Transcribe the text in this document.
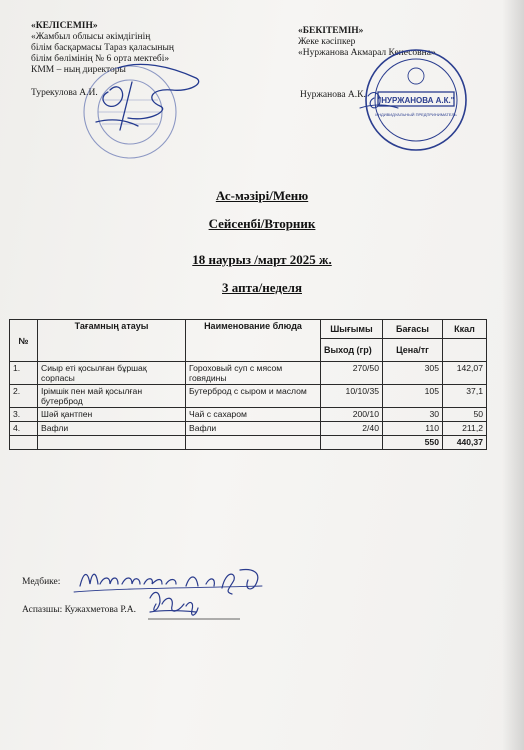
«КЕЛІСЕМІН»
«Жамбыл облысы әкімдігінің
білім басқармасы Тараз қаласының
білім бөлімінің № 6 орта мектебі»
КММ – ның директоры
Турекулова А.И.
«БЕКІТЕМІН»
Жеке кәсіпкер
«Нуржанова Акмарал Кенесовна»
Нуржанова А.К.
Ас-мәзірі/Меню
Сейсенбі/Вторник
18 наурыз /март 2025 ж.
3 апта/неделя
№	Тағамның атауы	Наименование блюда	Шығымы	Бағасы	Ккал
			Выход (гр)	Цена/тг	
1.	Сиыр еті қосылған бұршақ сорпасы	Гороховый суп с мясом говядины	270/50	305	142,07
2.	Ірімшік пен май қосылған бутерброд	Бутерброд с сыром и маслом	10/10/35	105	37,1
3.	Шәй қантпен	Чай с сахаром	200/10	30	50
4.	Вафли	Вафли	2/40	110	211,2
				550	440,37
Медбике:
Аспазшы: Кужахметова Р.А.
"НУРЖАНОВА А.К."
ИНДИВИДУАЛЬНЫЙ ПРЕДПРИНИМАТЕЛЬ
